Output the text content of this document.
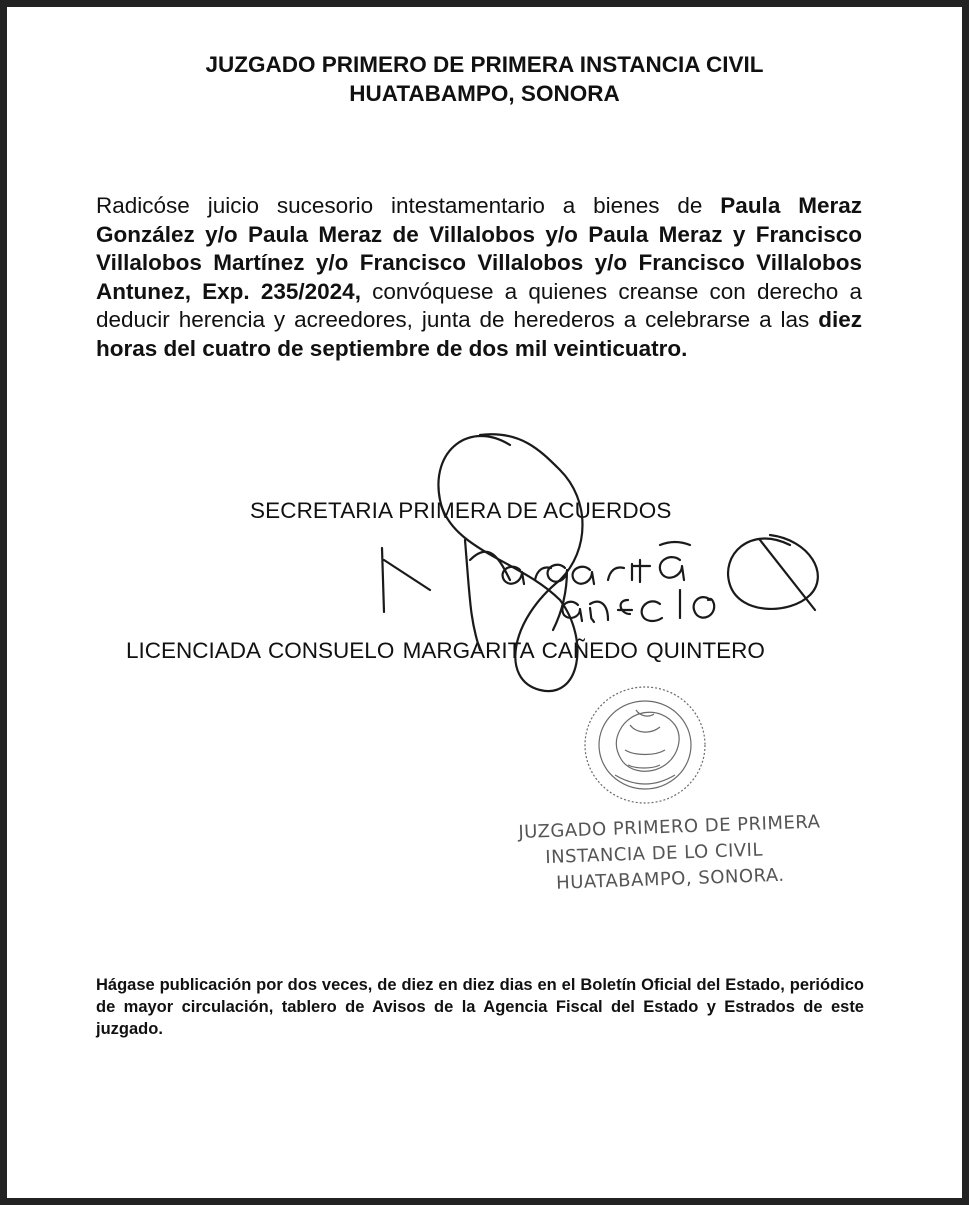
JUZGADO PRIMERO DE PRIMERA INSTANCIA CIVIL
HUATABAMPO, SONORA
Radicóse juicio sucesorio intestamentario a bienes de Paula Meraz González y/o Paula Meraz de Villalobos y/o Paula Meraz y Francisco Villalobos Martínez y/o Francisco Villalobos y/o Francisco Villalobos Antunez, Exp. 235/2024, convóquese a quienes creanse con derecho a deducir herencia y acreedores, junta de herederos a celebrarse a las diez horas del cuatro de septiembre de dos mil veinticuatro.
SECRETARIA PRIMERA DE ACUERDOS
LICENCIADA CONSUELO MARGARITA CAÑEDO QUINTERO
JUZGADO PRIMERO DE PRIMERA
INSTANCIA DE LO CIVIL
HUATABAMPO, SONORA.
Hágase publicación por dos veces, de diez en diez dias en el Boletín Oficial del Estado, periódico de mayor circulación, tablero de Avisos de la Agencia Fiscal del Estado y Estrados de este juzgado.
